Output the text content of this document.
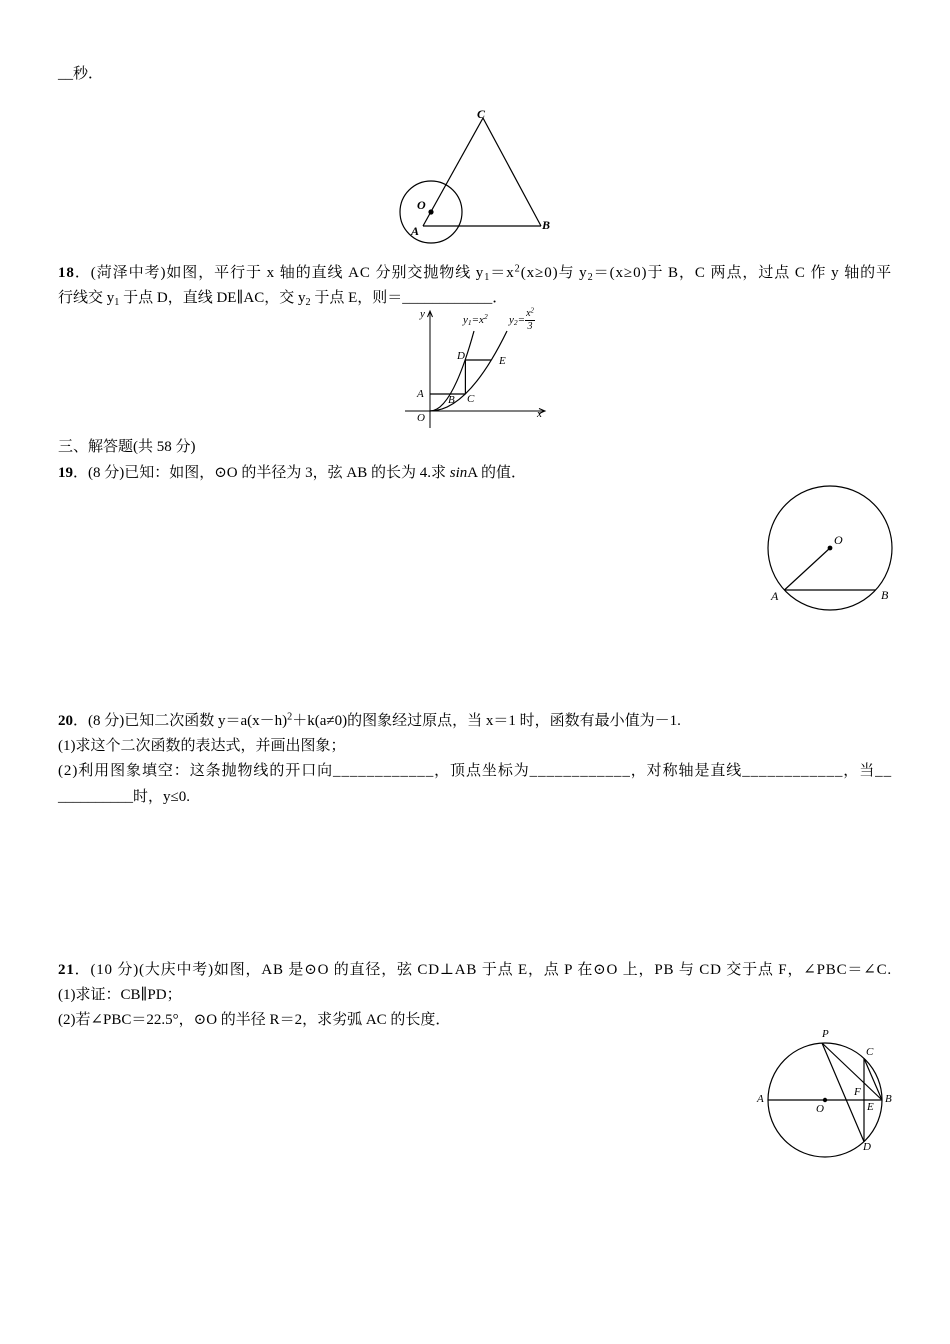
__秒．
C
O
A	B
18．(菏泽中考)如图，平行于 x 轴的直线 AC 分别交抛物线 $y_1=x^2(x\ge 0)$与 $y_2=(x\ge 0)$于 B，C 两点，过点 C 作 y 轴的平
行线交 $y_1$ 于点 D，直线 DE∥AC，交 $y_2$ 于点 E，则＝____________．
y	$y_1=x^2$ $y_2= \frac{x^2}{3}$
D	E
A B C
O	x
三、解答题(共 58 分)
19．(8 分)已知：如图，⊙O 的半径为 3，弦 AB 的长为 4.求 sinA 的值．
O
A	B
20．(8 分)已知二次函数 $y=a(x-h)^2+k(a\ne 0)$的图象经过原点，当 x＝1 时，函数有最小值为－1.
(1)求这个二次函数的表达式，并画出图象；
(2)利用图象填空：这条抛物线的开口向____________，顶点坐标为____________，对称轴是直线____________，当__
__________时，y≤0.
21．(10 分)(大庆中考)如图，AB 是⊙O 的直径，弦 CD⊥AB 于点 E，点 P 在⊙O 上，PB 与 CD 交于点 F，∠PBC＝∠C.
(1)求证：CB∥PD；
(2)若∠PBC＝22.5°，⊙O 的半径 R＝2，求劣弧 AC 的长度．
P
C
A
O
F
E
B
D
